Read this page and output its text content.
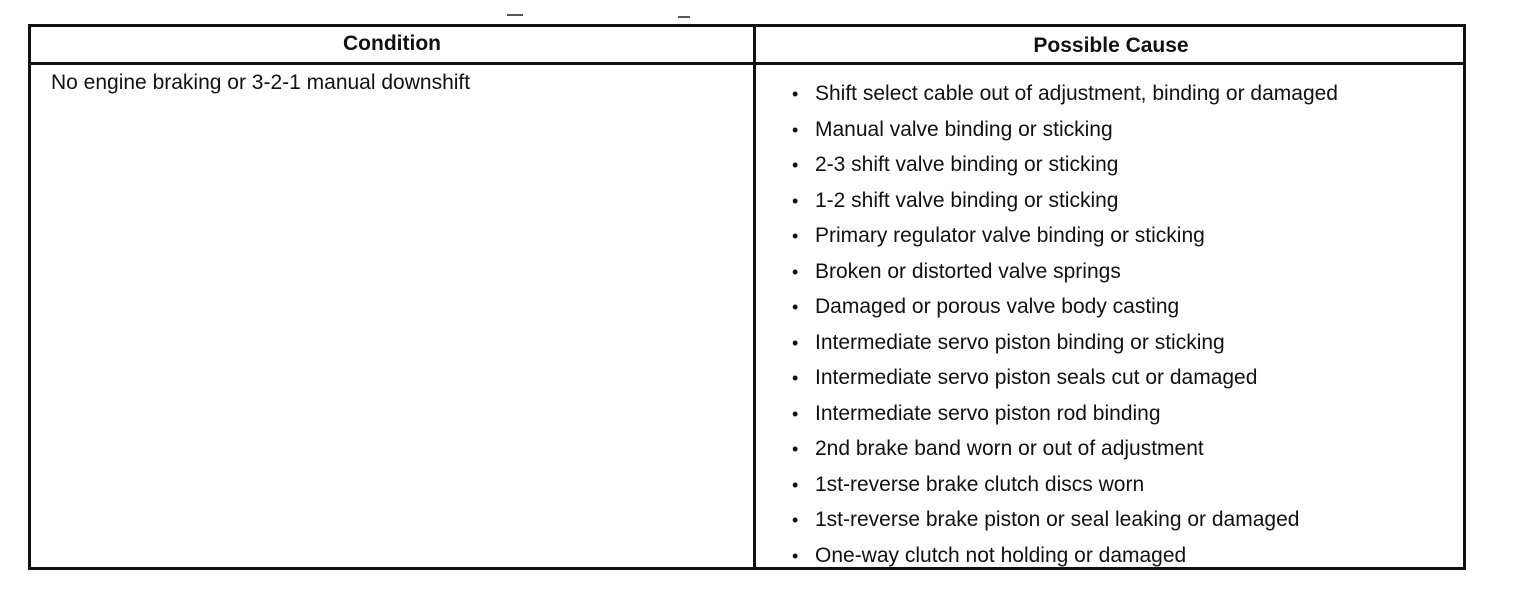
Condition	Possible Cause
No engine braking or 3-2-1 manual downshift	• Shift select cable out of adjustment, binding or damaged
• Manual valve binding or sticking
• 2-3 shift valve binding or sticking
• 1-2 shift valve binding or sticking
• Primary regulator valve binding or sticking
• Broken or distorted valve springs
• Damaged or porous valve body casting
• Intermediate servo piston binding or sticking
• Intermediate servo piston seals cut or damaged
• Intermediate servo piston rod binding
• 2nd brake band worn or out of adjustment
• 1st-reverse brake clutch discs worn
• 1st-reverse brake piston or seal leaking or damaged
• One-way clutch not holding or damaged
